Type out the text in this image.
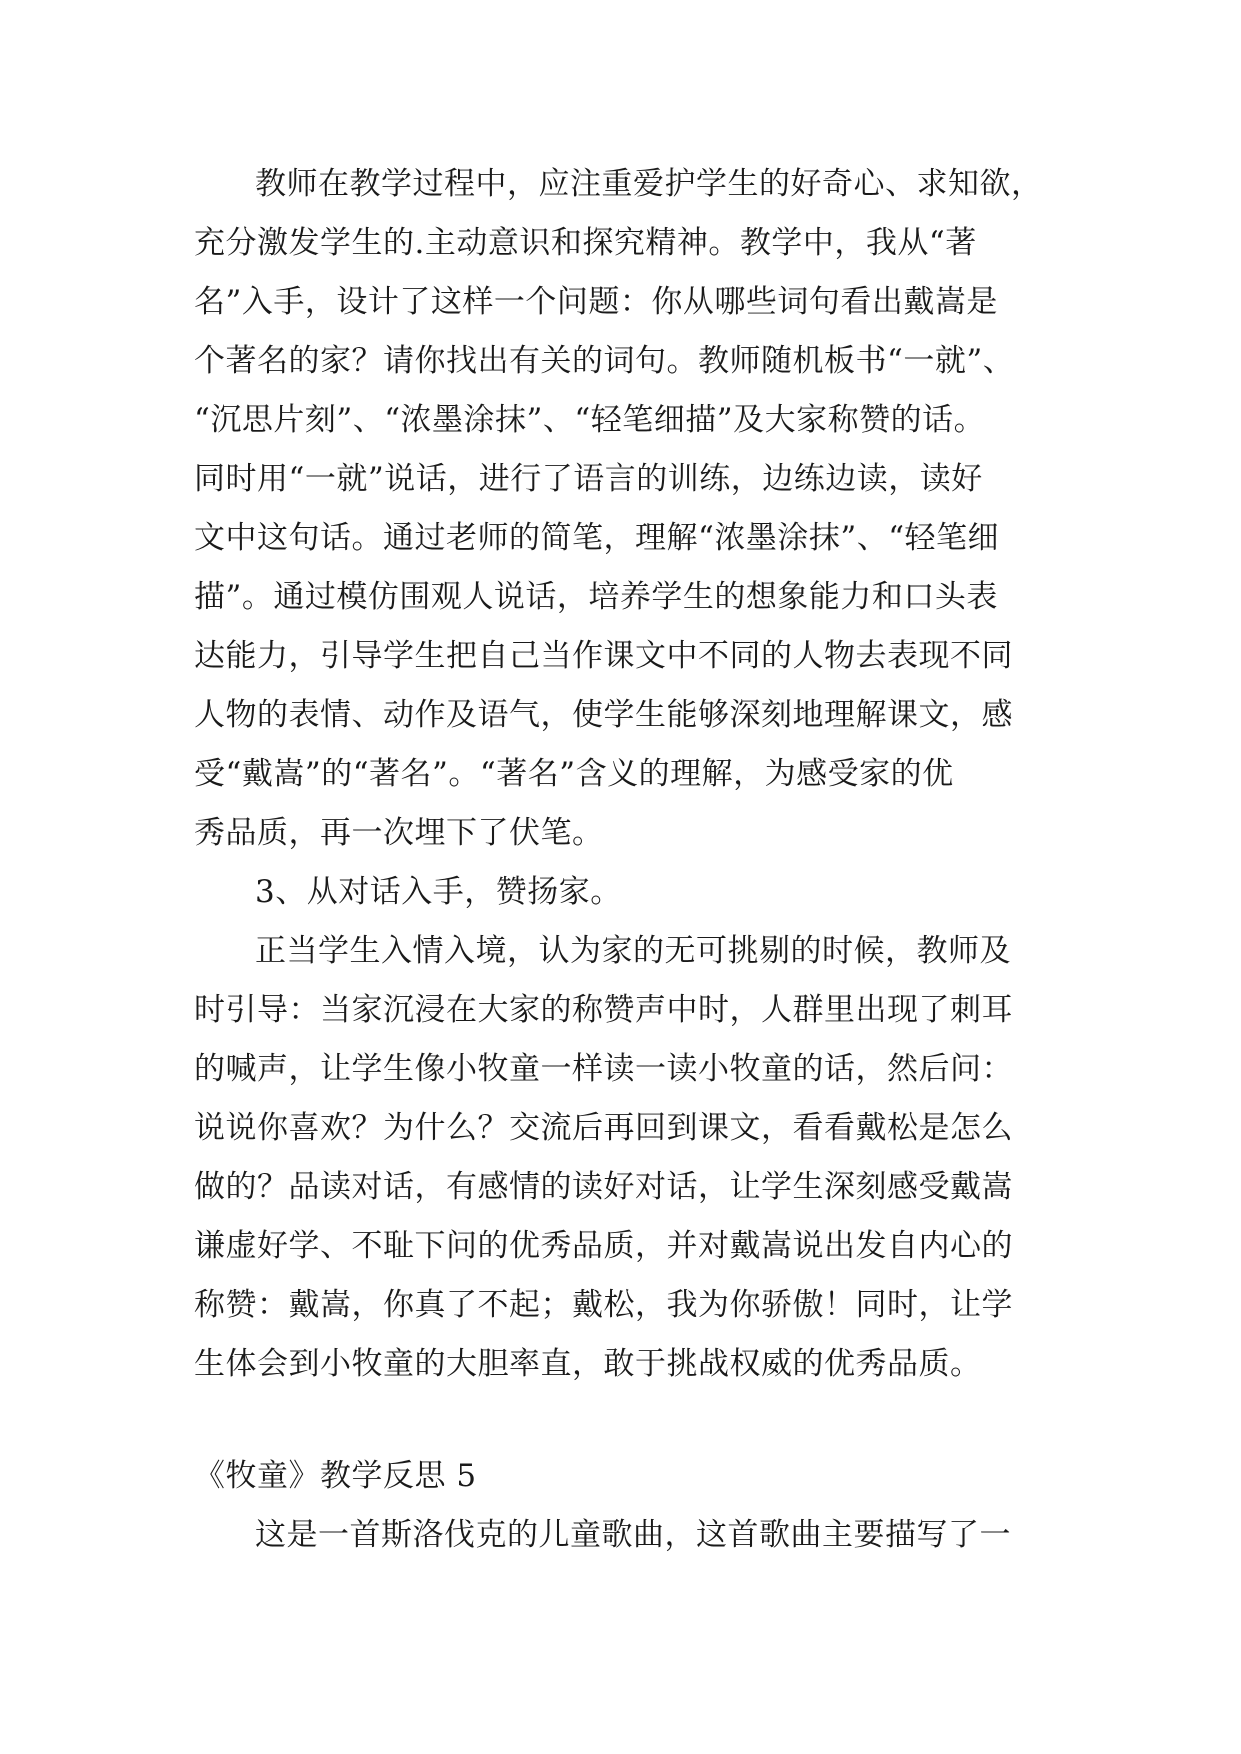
教师在教学过程中，应注重爱护学生的好奇心、求知欲，
充分激发学生的.主动意识和探究精神。教学中，我从“著
名”入手，设计了这样一个问题：你从哪些词句看出戴嵩是
个著名的家？请你找出有关的词句。教师随机板书“一就”、
“沉思片刻”、“浓墨涂抹”、“轻笔细描”及大家称赞的话。
同时用“一就”说话，进行了语言的训练，边练边读，读好
文中这句话。通过老师的简笔，理解“浓墨涂抹”、“轻笔细
描”。通过模仿围观人说话，培养学生的想象能力和口头表
达能力，引导学生把自己当作课文中不同的人物去表现不同
人物的表情、动作及语气，使学生能够深刻地理解课文，感
受“戴嵩”的“著名”。“著名”含义的理解，为感受家的优
秀品质，再一次埋下了伏笔。
3、从对话入手，赞扬家。
正当学生入情入境，认为家的无可挑剔的时候，教师及
时引导：当家沉浸在大家的称赞声中时，人群里出现了刺耳
的喊声，让学生像小牧童一样读一读小牧童的话，然后问：
说说你喜欢？为什么？交流后再回到课文，看看戴松是怎么
做的？品读对话，有感情的读好对话，让学生深刻感受戴嵩
谦虚好学、不耻下问的优秀品质，并对戴嵩说出发自内心的
称赞：戴嵩，你真了不起；戴松，我为你骄傲！同时，让学
生体会到小牧童的大胆率直，敢于挑战权威的优秀品质。
《牧童》教学反思 5
这是一首斯洛伐克的儿童歌曲，这首歌曲主要描写了一
